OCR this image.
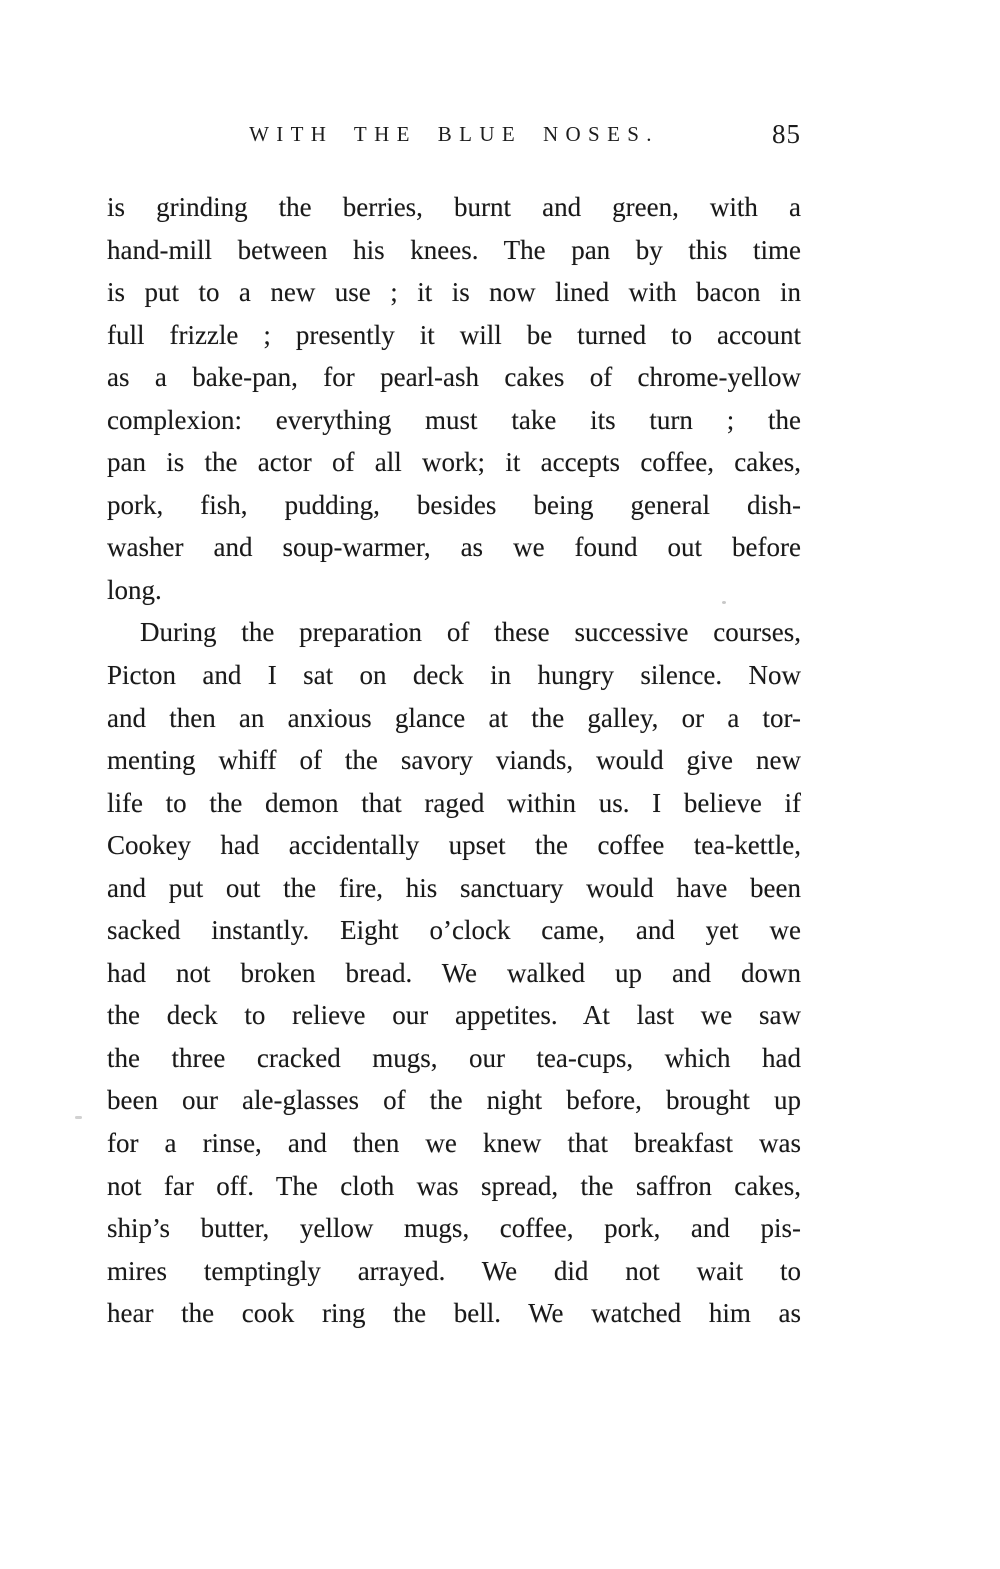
WITH THE BLUE NOSES.	85
is grinding the berries, burnt and green, with a
hand-mill between his knees. The pan by this time
is put to a new use ; it is now lined with bacon in
full frizzle ; presently it will be turned to account
as a bake-pan, for pearl-ash cakes of chrome-yellow
complexion: everything must take its turn ; the
pan is the actor of all work; it accepts coffee, cakes,
pork, fish, pudding, besides being general dish-
washer and soup-warmer, as we found out before
long.
During the preparation of these successive courses,
Picton and I sat on deck in hungry silence. Now
and then an anxious glance at the galley, or a tor-
menting whiff of the savory viands, would give new
life to the demon that raged within us. I believe if
Cookey had accidentally upset the coffee tea-kettle,
and put out the fire, his sanctuary would have been
sacked instantly. Eight o’clock came, and yet we
had not broken bread. We walked up and down
the deck to relieve our appetites. At last we saw
the three cracked mugs, our tea-cups, which had
been our ale-glasses of the night before, brought up
for a rinse, and then we knew that breakfast was
not far off. The cloth was spread, the saffron cakes,
ship’s butter, yellow mugs, coffee, pork, and pis-
mires temptingly arrayed. We did not wait to
hear the cook ring the bell. We watched him as
